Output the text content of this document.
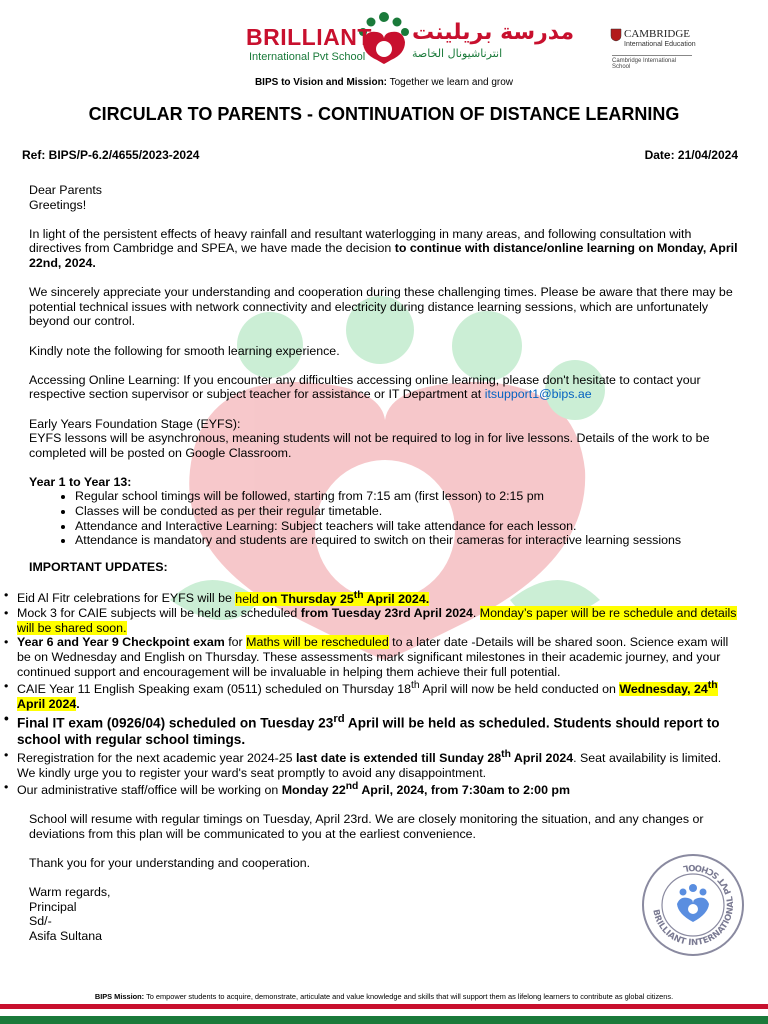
BRILLIANT
International Pvt School
مدرسة بريلينت
انترناشيونال الخاصة
CAMBRIDGE
International Education
Cambridge International School
BIPS to Vision and Mission: Together we learn and grow
CIRCULAR TO PARENTS - CONTINUATION OF DISTANCE LEARNING
Ref: BIPS/P-6.2/4655/2023-2024	Date: 21/04/2024

Dear Parents
Greetings!

In light of the persistent effects of heavy rainfall and resultant waterlogging in many areas, and following consultation with directives from Cambridge and SPEA, we have made the decision to continue with distance/online learning on Monday, April 22nd, 2024.

We sincerely appreciate your understanding and cooperation during these challenging times. Please be aware that there may be potential technical issues with network connectivity and electricity during distance learning sessions, which are unfortunately beyond our control.

Kindly note the following for smooth learning experience.

Accessing Online Learning: If you encounter any difficulties accessing online learning, please don't hesitate to contact your respective section supervisor or subject teacher for assistance or IT Department at itsupport1@bips.ae

Early Years Foundation Stage (EYFS):
EYFS lessons will be asynchronous, meaning students will not be required to log in for live lessons. Details of the work to be completed will be posted on Google Classroom.

Year 1 to Year 13:
• Regular school timings will be followed, starting from 7:15 am (first lesson) to 2:15 pm
• Classes will be conducted as per their regular timetable.
• Attendance and Interactive Learning: Subject teachers will take attendance for each lesson.
• Attendance is mandatory and students are required to switch on their cameras for interactive learning sessions
IMPORTANT UPDATES:
• Eid Al Fitr celebrations for EYFS will be held on Thursday 25th April 2024.
• Mock 3 for CAIE subjects will be held as scheduled from Tuesday 23rd April 2024. Monday’s paper will be re schedule and details will be shared soon.
• Year 6 and Year 9 Checkpoint exam for Maths will be rescheduled to a later date -Details will be shared soon. Science exam will be on Wednesday and English on Thursday. These assessments mark significant milestones in their academic journey, and your continued support and encouragement will be invaluable in helping them achieve their full potential.
• CAIE Year 11 English Speaking exam (0511) scheduled on Thursday 18th April will now be held conducted on Wednesday, 24th April 2024.
• Final IT exam (0926/04) scheduled on Tuesday 23rd April will be held as scheduled. Students should report to school with regular school timings.
• Reregistration for the next academic year 2024-25 last date is extended till Sunday 28th April 2024. Seat availability is limited. We kindly urge you to register your ward's seat promptly to avoid any disappointment.
• Our administrative staff/office will be working on Monday 22nd April, 2024, from 7:30am to 2:00 pm

School will resume with regular timings on Tuesday, April 23rd. We are closely monitoring the situation, and any changes or deviations from this plan will be communicated to you at the earliest convenience.

Thank you for your understanding and cooperation.

Warm regards,
Principal
Sd/-
Asifa Sultana
BRILLIANT INTERNATIONAL PVT SCHOOL
BIPS Mission: To empower students to acquire, demonstrate, articulate and value knowledge and skills that will support them as lifelong learners to contribute as global citizens.
